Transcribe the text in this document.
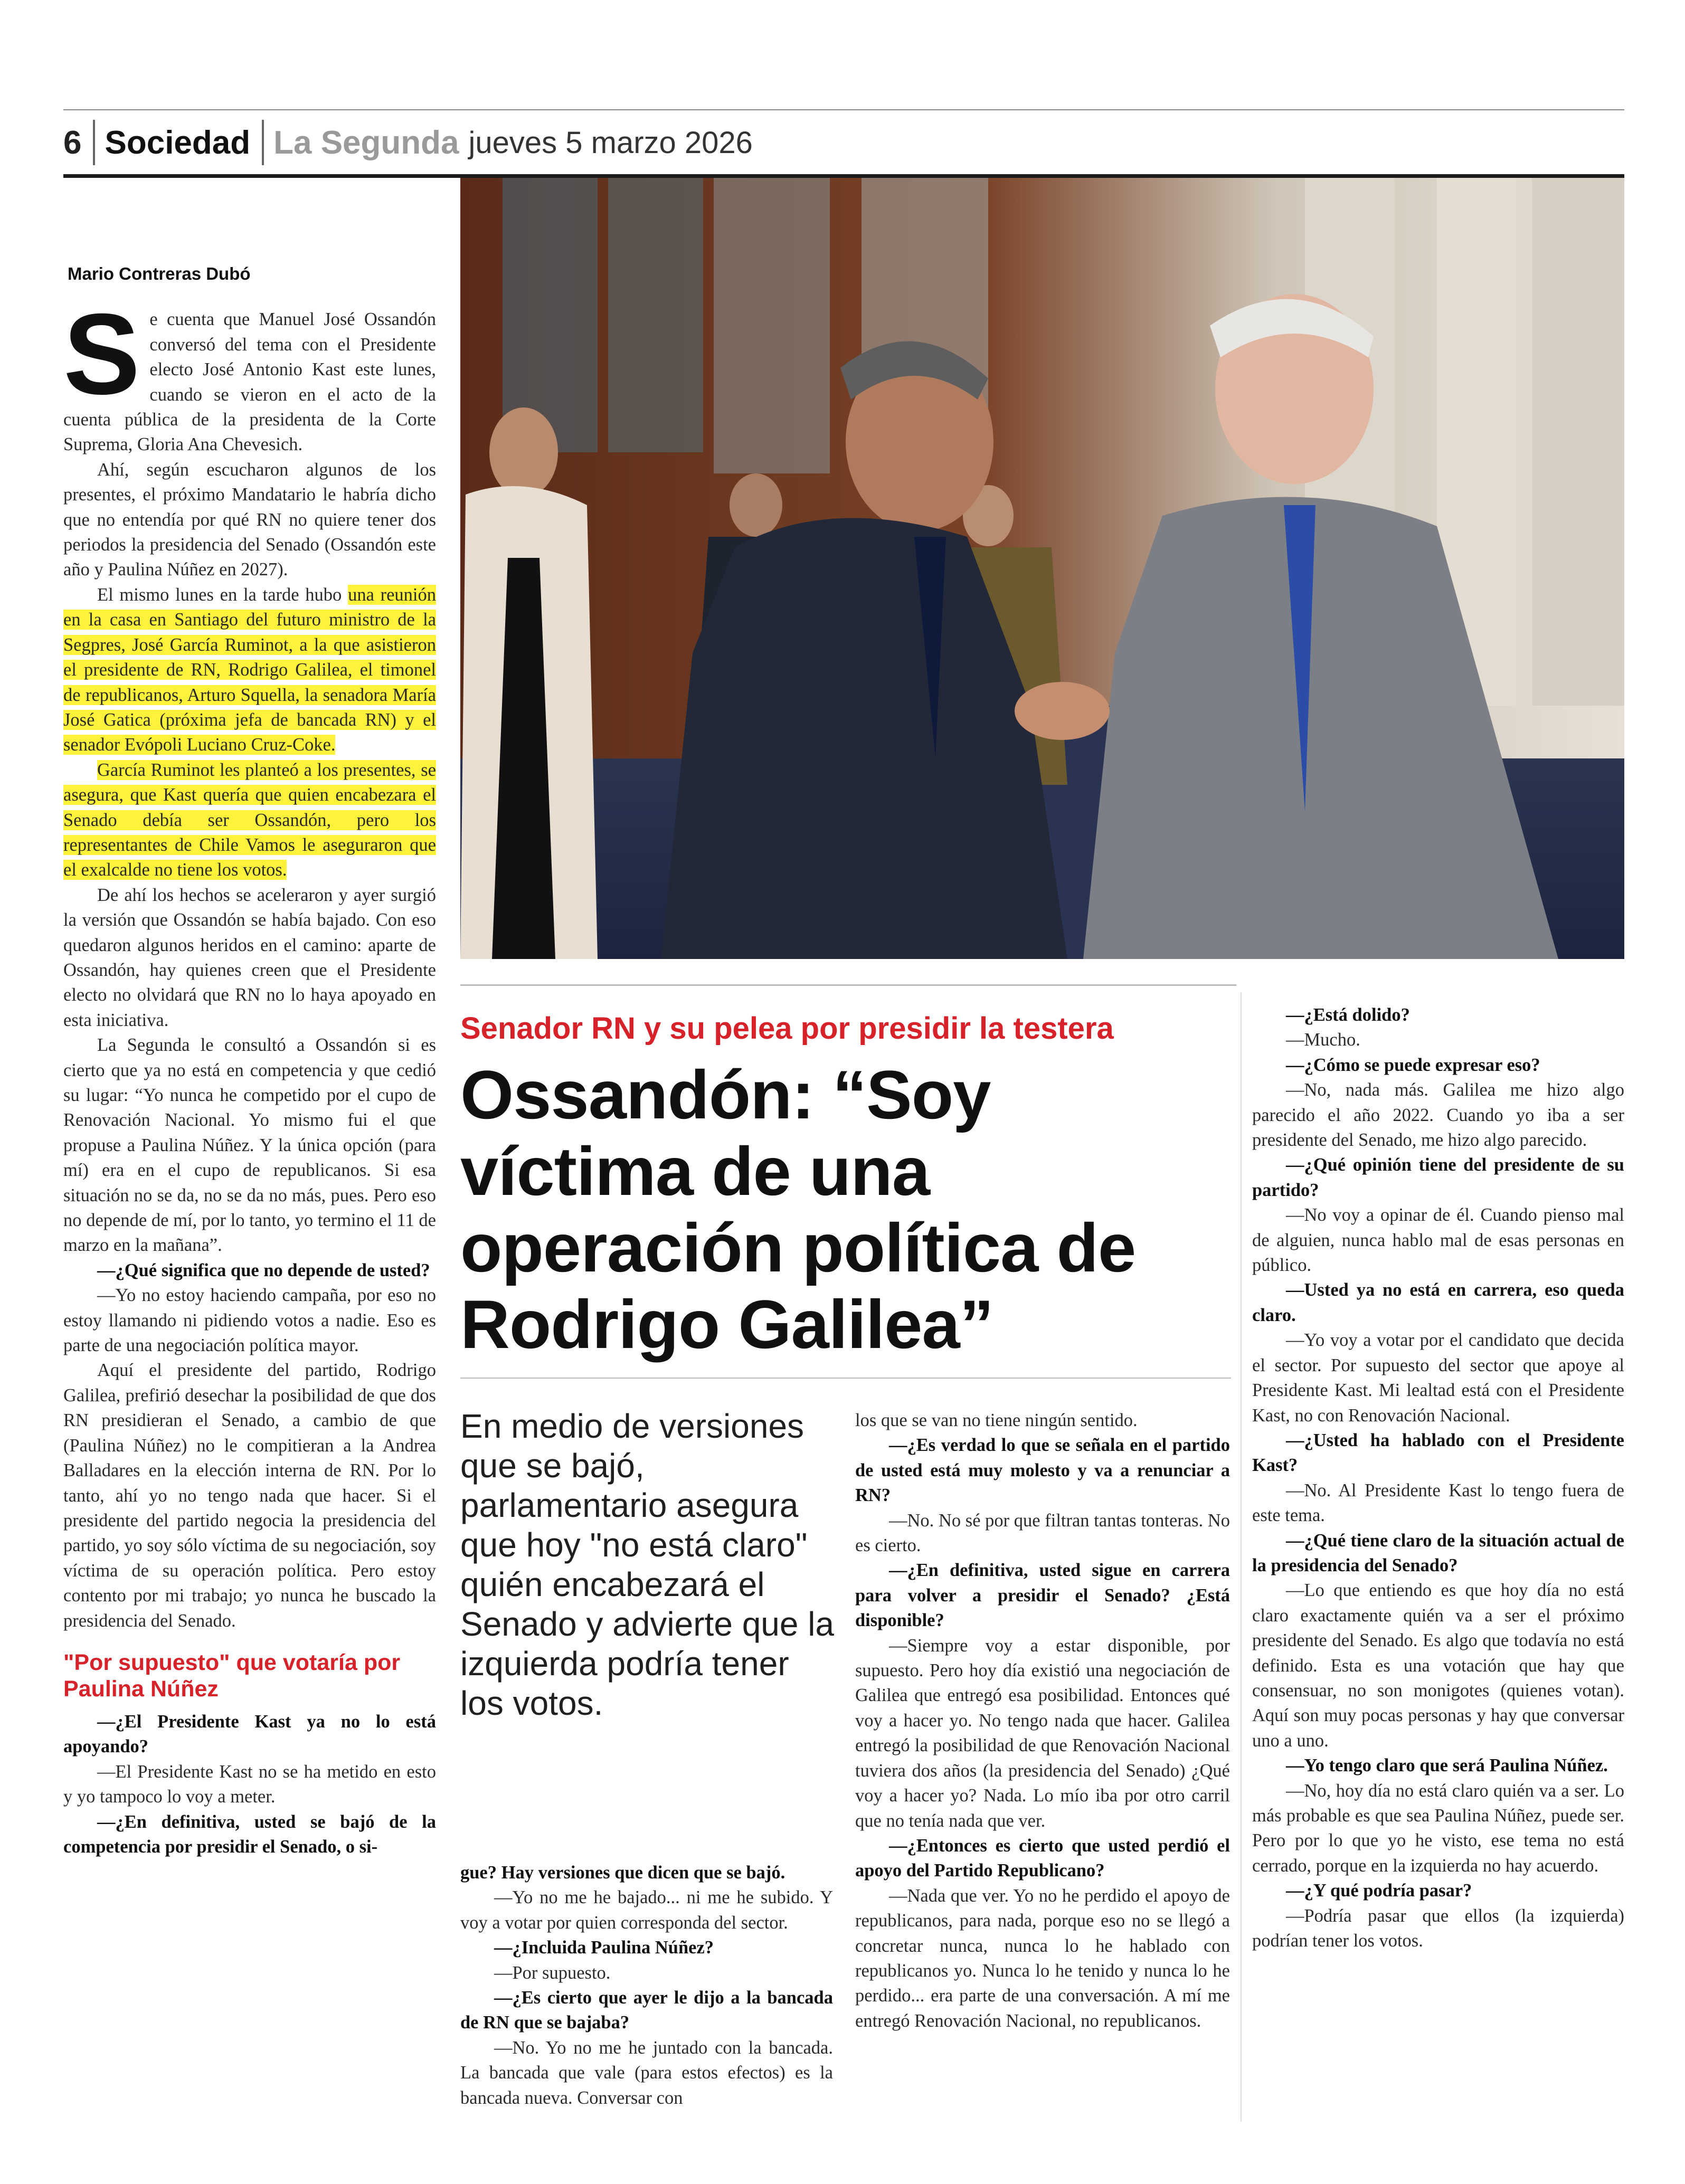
6 Sociedad La Segunda jueves 5 marzo 2026

Mario Contreras Dubó

Se cuenta que Manuel José Ossandón conversó del tema con el Presidente electo José Antonio Kast este lunes, cuando se vieron en el acto de la cuenta pública de la presidenta de la Corte Suprema, Gloria Ana Chevesich.

Ahí, según escucharon algunos de los presentes, el próximo Mandatario le habría dicho que no entendía por qué RN no quiere tener dos periodos la presidencia del Senado (Ossandón este año y Paulina Núñez en 2027).

El mismo lunes en la tarde hubo una reunión en la casa en Santiago del futuro ministro de la Segpres, José García Ruminot, a la que asistieron el presidente de RN, Rodrigo Galilea, el timonel de republicanos, Arturo Squella, la senadora María José Gatica (próxima jefa de bancada RN) y el senador Evópoli Luciano Cruz-Coke.

García Ruminot les planteó a los presentes, se asegura, que Kast quería que quien encabezara el Senado debía ser Ossandón, pero los representantes de Chile Vamos le aseguraron que el exalcalde no tiene los votos.

De ahí los hechos se aceleraron y ayer surgió la versión que Ossandón se había bajado. Con eso quedaron algunos heridos en el camino: aparte de Ossandón, hay quienes creen que el Presidente electo no olvidará que RN no lo haya apoyado en esta iniciativa.

La Segunda le consultó a Ossandón si es cierto que ya no está en competencia y que cedió su lugar: “Yo nunca he competido por el cupo de Renovación Nacional. Yo mismo fui el que propuse a Paulina Núñez. Y la única opción (para mí) era en el cupo de republicanos. Si esa situación no se da, no se da no más, pues. Pero eso no depende de mí, por lo tanto, yo termino el 11 de marzo en la mañana”.

—¿Qué significa que no depende de usted?

—Yo no estoy haciendo campaña, por eso no estoy llamando ni pidiendo votos a nadie. Eso es parte de una negociación política mayor.

Aquí el presidente del partido, Rodrigo Galilea, prefirió desechar la posibilidad de que dos RN presidieran el Senado, a cambio de que (Paulina Núñez) no le compitieran a la Andrea Balladares en la elección interna de RN. Por lo tanto, ahí yo no tengo nada que hacer. Si el presidente del partido negocia la presidencia del partido, yo soy sólo víctima de su negociación, soy víctima de su operación política. Pero estoy contento por mi trabajo; yo nunca he buscado la presidencia del Senado.

"Por supuesto" que votaría por Paulina Núñez

—¿El Presidente Kast ya no lo está apoyando?

—El Presidente Kast no se ha metido en esto y yo tampoco lo voy a meter.

—¿En definitiva, usted se bajó de la competencia por presidir el Senado, o si-

Senador RN y su pelea por presidir la testera
Ossandón: “Soy víctima de una operación política de Rodrigo Galilea”
En medio de versiones que se bajó, parlamentario asegura que hoy "no está claro" quién encabezará el Senado y advierte que la izquierda podría tener los votos.

gue? Hay versiones que dicen que se bajó.

—Yo no me he bajado... ni me he subido. Y voy a votar por quien corresponda del sector.

—¿Incluida Paulina Núñez?

—Por supuesto.

—¿Es cierto que ayer le dijo a la bancada de RN que se bajaba?

—No. Yo no me he juntado con la bancada. La bancada que vale (para estos efectos) es la bancada nueva. Conversar con

los que se van no tiene ningún sentido.

—¿Es verdad lo que se señala en el partido de usted está muy molesto y va a renunciar a RN?

—No. No sé por que filtran tantas tonteras. No es cierto.

—¿En definitiva, usted sigue en carrera para volver a presidir el Senado? ¿Está disponible?

—Siempre voy a estar disponible, por supuesto. Pero hoy día existió una negociación de Galilea que entregó esa posibilidad. Entonces qué voy a hacer yo. No tengo nada que hacer. Galilea entregó la posibilidad de que Renovación Nacional tuviera dos años (la presidencia del Senado) ¿Qué voy a hacer yo? Nada. Lo mío iba por otro carril que no tenía nada que ver.

—¿Entonces es cierto que usted perdió el apoyo del Partido Republicano?

—Nada que ver. Yo no he perdido el apoyo de republicanos, para nada, porque eso no se llegó a concretar nunca, nunca lo he hablado con republicanos yo. Nunca lo he tenido y nunca lo he perdido... era parte de una conversación. A mí me entregó Renovación Nacional, no republicanos.

—¿Está dolido?

—Mucho.

—¿Cómo se puede expresar eso?

—No, nada más. Galilea me hizo algo parecido el año 2022. Cuando yo iba a ser presidente del Senado, me hizo algo parecido.

—¿Qué opinión tiene del presidente de su partido?

—No voy a opinar de él. Cuando pienso mal de alguien, nunca hablo mal de esas personas en público.

—Usted ya no está en carrera, eso queda claro.

—Yo voy a votar por el candidato que decida el sector. Por supuesto del sector que apoye al Presidente Kast. Mi lealtad está con el Presidente Kast, no con Renovación Nacional.

—¿Usted ha hablado con el Presidente Kast?

—No. Al Presidente Kast lo tengo fuera de este tema.

—¿Qué tiene claro de la situación actual de la presidencia del Senado?

—Lo que entiendo es que hoy día no está claro exactamente quién va a ser el próximo presidente del Senado. Es algo que todavía no está definido. Esta es una votación que hay que consensuar, no son monigotes (quienes votan). Aquí son muy pocas personas y hay que conversar uno a uno.

—Yo tengo claro que será Paulina Núñez.

—No, hoy día no está claro quién va a ser. Lo más probable es que sea Paulina Núñez, puede ser. Pero por lo que yo he visto, ese tema no está cerrado, porque en la izquierda no hay acuerdo.

—¿Y qué podría pasar?

—Podría pasar que ellos (la izquierda) podrían tener los votos.
